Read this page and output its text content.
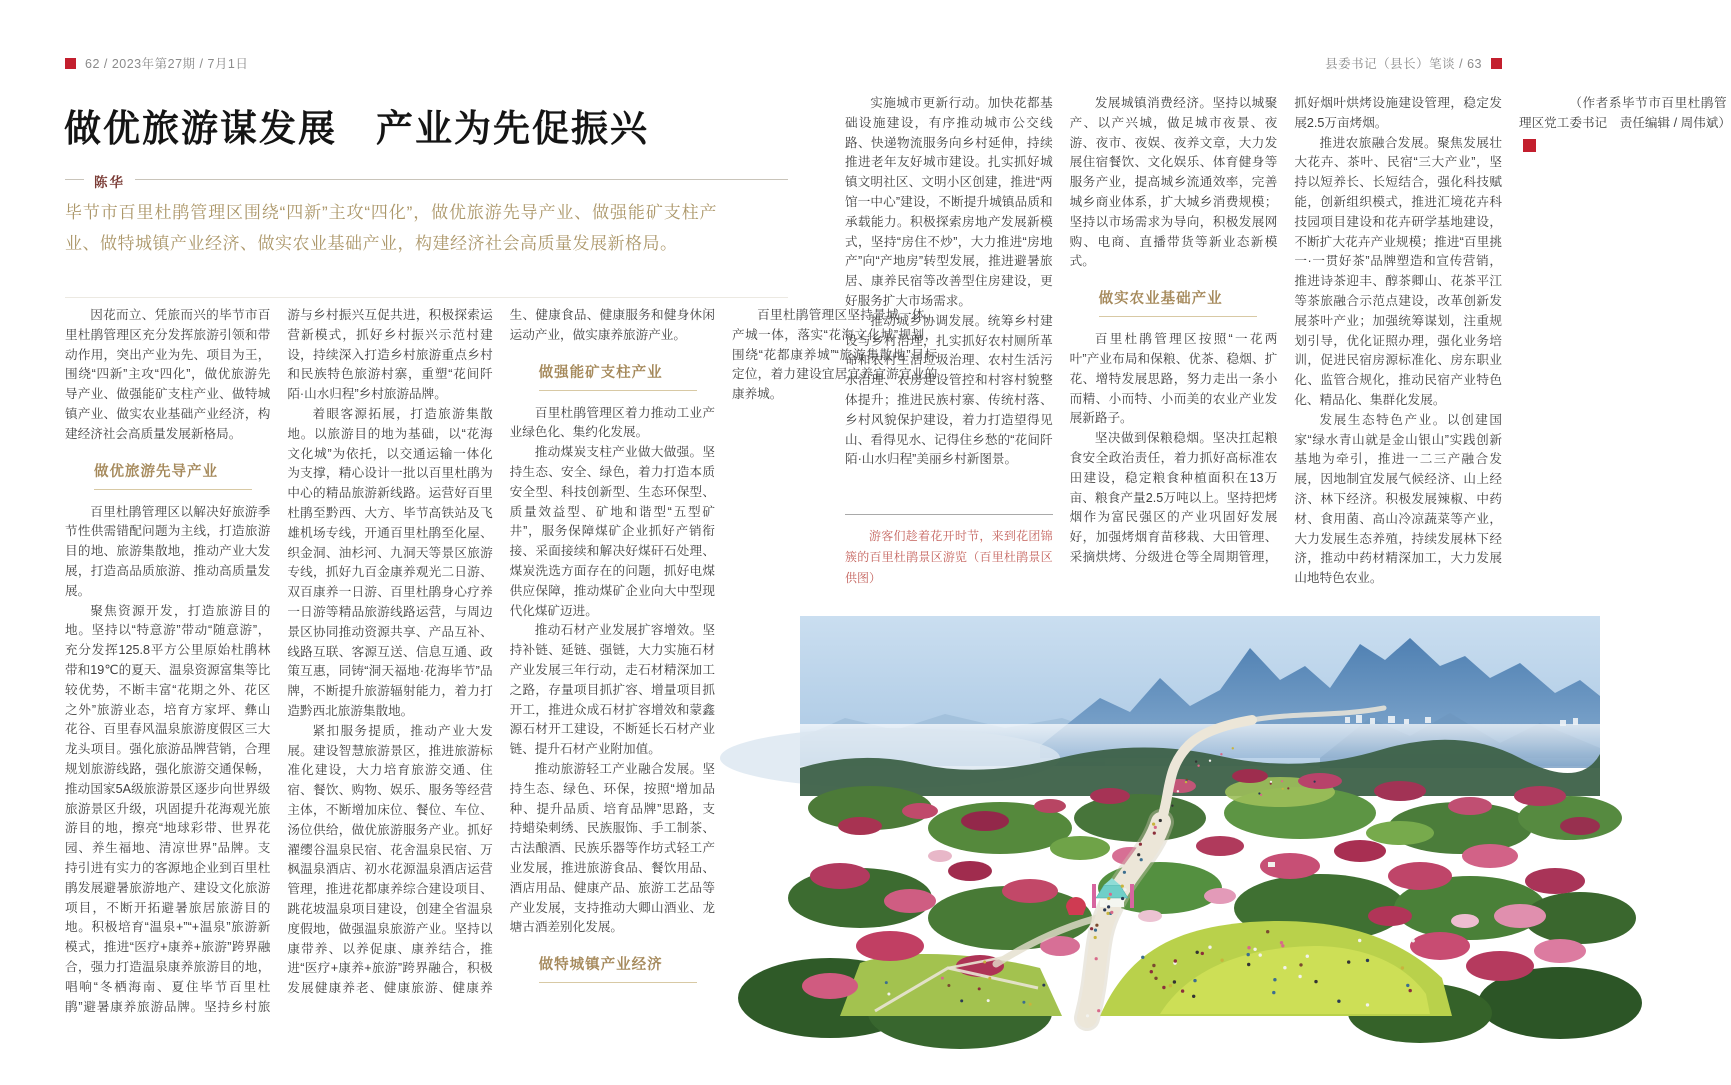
62 / 2023年第27期 / 7月1日	县委书记（县长）笔谈 / 63
做优旅游谋发展　产业为先促振兴
陈华
毕节市百里杜鹃管理区围绕“四新”主攻“四化”，做优旅游先导产业、做强能矿支柱产业、做特城镇产业经济、做实农业基础产业，构建经济社会高质量发展新格局。

因花而立、凭旅而兴的毕节市百里杜鹃管理区充分发挥旅游引领和带动作用，突出产业为先、项目为王，围绕“四新”主攻“四化”，做优旅游先导产业、做强能矿支柱产业、做特城镇产业、做实农业基础产业经济，构建经济社会高质量发展新格局。

做优旅游先导产业

百里杜鹃管理区以解决好旅游季节性供需错配问题为主线，打造旅游目的地、旅游集散地，推动产业大发展，打造高品质旅游、推动高质量发展。

聚焦资源开发，打造旅游目的地。坚持以“特意游”带动“随意游”，充分发挥125.8平方公里原始杜鹃林带和19℃的夏天、温泉资源富集等比较优势，不断丰富“花期之外、花区之外”旅游业态，培育方家坪、彝山花谷、百里春风温泉旅游度假区三大龙头项目。强化旅游品牌营销，合理规划旅游线路，强化旅游交通保畅，推动国家5A级旅游景区逐步向世界级旅游景区升级，巩固提升花海观光旅游目的地，擦亮“地球彩带、世界花园、养生福地、清凉世界”品牌。支持引进有实力的客源地企业到百里杜鹃发展避暑旅游地产、建设文化旅游项目，不断开拓避暑旅居旅游目的地。积极培育“温泉+”“+温泉”旅游新模式，推进“医疗+康养+旅游”跨界融合，强力打造温泉康养旅游目的地，唱响“冬栖海南、夏住毕节百里杜鹃”避暑康养旅游品牌。坚持乡村旅游与乡村振兴互促共进，积极探索运营新模式，抓好乡村振兴示范村建设，持续深入打造乡村旅游重点乡村和民族特色旅游村寨，重塑“花间阡陌·山水归程”乡村旅游品牌。

着眼客源拓展，打造旅游集散地。以旅游目的地为基础，以“花海文化城”为依托，以交通运输一体化为支撑，精心设计一批以百里杜鹃为中心的精品旅游新线路。运营好百里杜鹃至黔西、大方、毕节高铁站及飞雄机场专线，开通百里杜鹃至化屋、织金洞、油杉河、九洞天等景区旅游专线，抓好九百金康养观光二日游、双百康养一日游、百里杜鹃身心疗养一日游等精品旅游线路运营，与周边景区协同推动资源共享、产品互补、线路互联、客源互送、信息互通、政策互惠，同铸“洞天福地·花海毕节”品牌，不断提升旅游辐射能力，着力打造黔西北旅游集散地。

紧扣服务提质，推动产业大发展。建设智慧旅游景区，推进旅游标准化建设，大力培育旅游交通、住宿、餐饮、购物、娱乐、服务等经营主体，不断增加床位、餐位、车位、汤位供给，做优旅游服务产业。抓好濯缨谷温泉民宿、花舍温泉民宿、万枫温泉酒店、初水花源温泉酒店运营管理，推进花都康养综合建设项目、跳花坡温泉项目建设，创建全省温泉度假地，做强温泉旅游产业。坚持以康带养、以养促康、康养结合，推进“医疗+康养+旅游”跨界融合，积极发展健康养老、健康旅游、健康养生、健康食品、健康服务和健身休闲运动产业，做实康养旅游产业。

做强能矿支柱产业

百里杜鹃管理区着力推动工业产业绿色化、集约化发展。

推动煤炭支柱产业做大做强。坚持生态、安全、绿色，着力打造本质安全型、科技创新型、生态环保型、质量效益型、矿地和谐型“五型矿井”，服务保障煤矿企业抓好产销衔接、采面接续和解决好煤矸石处理、煤炭洗选方面存在的问题，抓好电煤供应保障，推动煤矿企业向大中型现代化煤矿迈进。

推动石材产业发展扩容增效。坚持补链、延链、强链，大力实施石材产业发展三年行动，走石材精深加工之路，存量项目抓扩容、增量项目抓开工，推进众成石材扩容增效和蒙鑫源石材开工建设，不断延长石材产业链、提升石材产业附加值。

推动旅游轻工产业融合发展。坚持生态、绿色、环保，按照“增加品种、提升品质、培育品牌”思路，支持蜡染刺绣、民族服饰、手工制茶、古法酿酒、民族乐器等作坊式轻工产业发展，推进旅游食品、餐饮用品、酒店用品、健康产品、旅游工艺品等产业发展，支持推动大卿山酒业、龙塘古酒差别化发展。

做特城镇产业经济

百里杜鹃管理区坚持景城一体、产城一体，落实“花海文化城”规划，围绕“花都康养城”“旅游集散地”目标定位，着力建设宜居宜养宜游宜业的康养城。

实施城市更新行动。加快花都基础设施建设，有序推动城市公交线路、快递物流服务向乡村延伸，持续推进老年友好城市建设。扎实抓好城镇文明社区、文明小区创建，推进“两馆一中心”建设，不断提升城镇品质和承载能力。积极探索房地产发展新模式，坚持“房住不炒”，大力推进“房地产”向“产地房”转型发展，推进避暑旅居、康养民宿等改善型住房建设，更好服务扩大市场需求。

推动城乡协调发展。统筹乡村建设与乡村治理，扎实抓好农村厕所革命和农村生活垃圾治理、农村生活污水治理、农房建设管控和村容村貌整体提升；推进民族村寨、传统村落、乡村风貌保护建设，着力打造望得见山、看得见水、记得住乡愁的“花间阡陌·山水归程”美丽乡村新图景。

游客们趁着花开时节，来到花团锦簇的百里杜鹃景区游览（百里杜鹃景区供图）

发展城镇消费经济。坚持以城聚产、以产兴城，做足城市夜景、夜游、夜市、夜娱、夜养文章，大力发展住宿餐饮、文化娱乐、体育健身等服务产业，提高城乡流通效率，完善城乡商业体系，扩大城乡消费规模；坚持以市场需求为导向，积极发展网购、电商、直播带货等新业态新模式。

做实农业基础产业

百里杜鹃管理区按照“一花两叶”产业布局和保粮、优茶、稳烟、扩花、增特发展思路，努力走出一条小而精、小而特、小而美的农业产业发展新路子。

坚决做到保粮稳烟。坚决扛起粮食安全政治责任，着力抓好高标准农田建设，稳定粮食种植面积在13万亩、粮食产量2.5万吨以上。坚持把烤烟作为富民强区的产业巩固好发展好，加强烤烟育苗移栽、大田管理、采摘烘烤、分级进仓等全周期管理，抓好烟叶烘烤设施建设管理，稳定发展2.5万亩烤烟。

推进农旅融合发展。聚焦发展壮大花卉、茶叶、民宿“三大产业”，坚持以短养长、长短结合，强化科技赋能，创新组织模式，推进汇境花卉科技园项目建设和花卉研学基地建设，不断扩大花卉产业规模；推进“百里挑一·一贯好茶”品牌塑造和宣传营销，推进诗茶迎丰、醇茶卿山、花茶平江等茶旅融合示范点建设，改革创新发展茶叶产业；加强统筹谋划，注重规划引导，优化证照办理，强化业务培训，促进民宿房源标准化、房东职业化、监管合规化，推动民宿产业特色化、精品化、集群化发展。

发展生态特色产业。以创建国家“绿水青山就是金山银山”实践创新基地为牵引，推进一二三产融合发展，因地制宜发展气候经济、山上经济、林下经济。积极发展辣椒、中药材、食用菌、高山冷凉蔬菜等产业，大力发展生态养殖，持续发展林下经济，推动中药材精深加工，大力发展山地特色农业。

（作者系毕节市百里杜鹃管理区党工委书记　责任编辑 / 周伟斌）D
